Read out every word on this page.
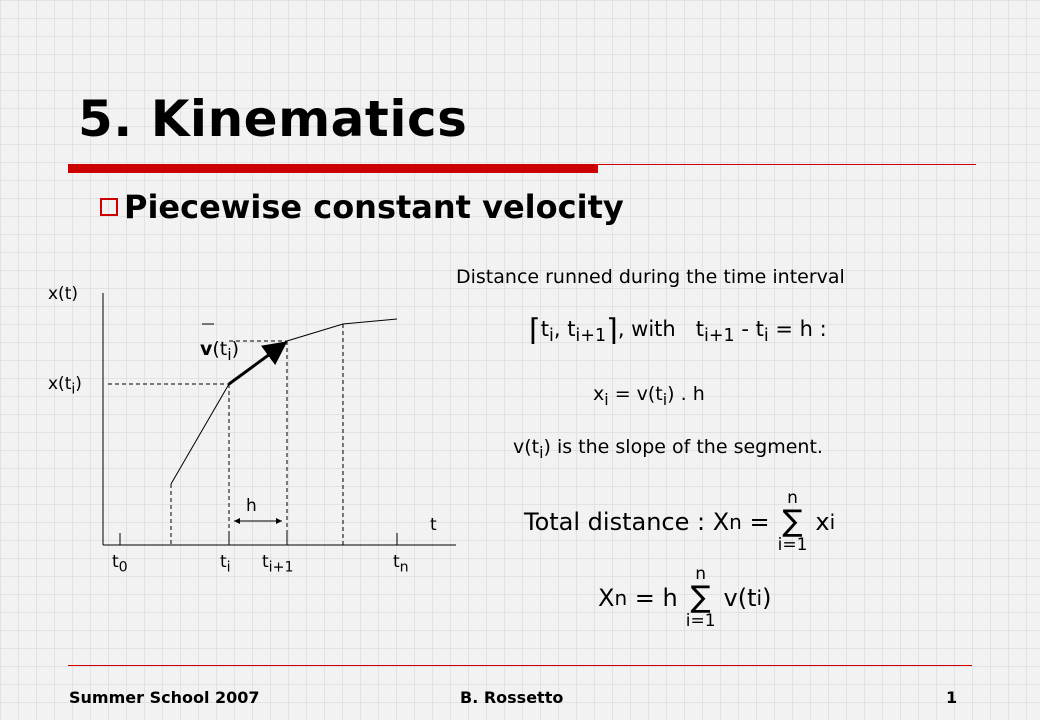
5. Kinematics
Piecewise constant velocity
x(t)
$x(t_i)$
$v(t_i)$
h
t
$t_0$	$t_i$ $t_{i+1}$	$t_n$
Distance runned during the time interval
$⌈t_i$, $t_{i+1}⌉$, with $t_{i+1} - t_i = h$ :
$x_i = v(t_i)$ . h
$v(t_i)$ is the slope of the segment.
Total distance : X n
=
n
∑
i=1
x i
X n
= h
n
∑
i=1
v(t i )
Summer School 2007	B. Rossetto	1
